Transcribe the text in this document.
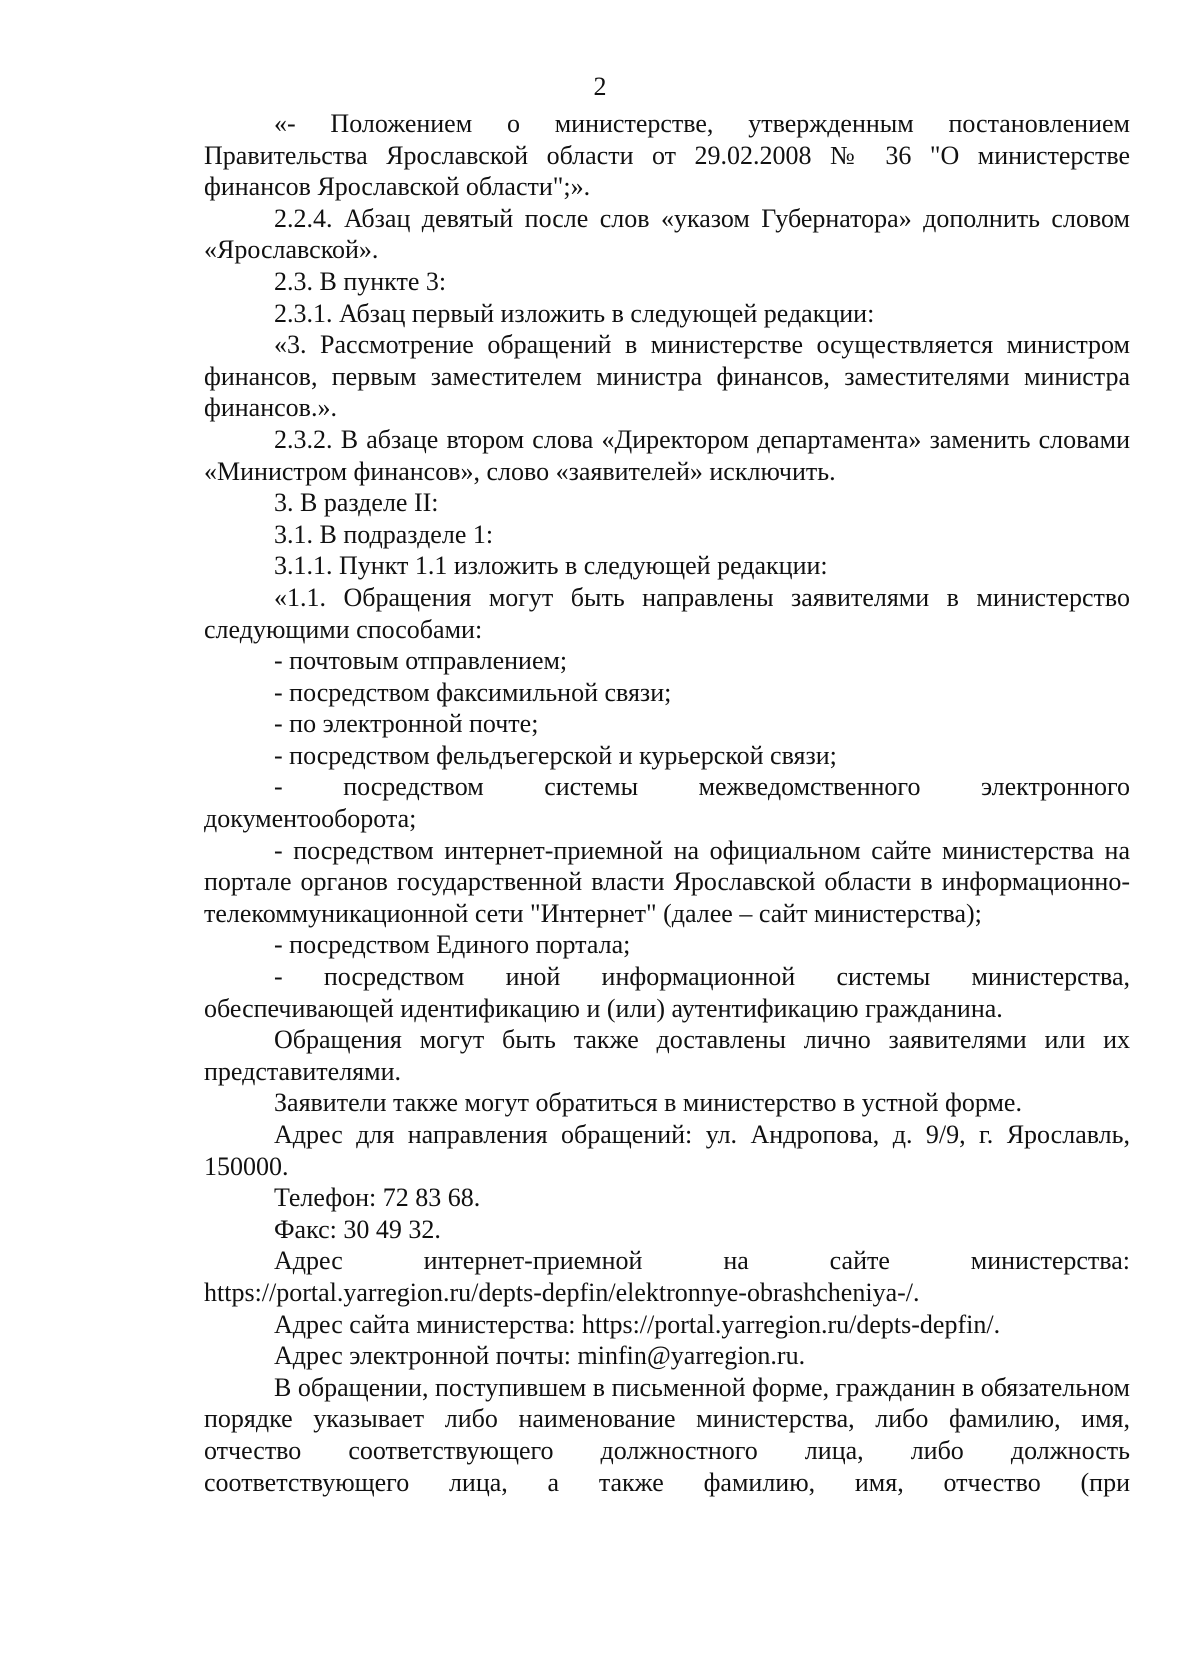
2

«- Положением о министерстве, утвержденным постановлением Правительства Ярославской области от 29.02.2008 № 36 "О министерстве финансов Ярославской области";».

2.2.4. Абзац девятый после слов «указом Губернатора» дополнить словом «Ярославской».

2.3. В пункте 3:

2.3.1. Абзац первый изложить в следующей редакции:

«3. Рассмотрение обращений в министерстве осуществляется министром финансов, первым заместителем министра финансов, заместителями министра финансов.».

2.3.2. В абзаце втором слова «Директором департамента» заменить словами «Министром финансов», слово «заявителей» исключить.

3. В разделе II:

3.1. В подразделе 1:

3.1.1. Пункт 1.1 изложить в следующей редакции:

«1.1. Обращения могут быть направлены заявителями в министерство следующими способами:

- почтовым отправлением;

- посредством факсимильной связи;

- по электронной почте;

- посредством фельдъегерской и курьерской связи;

- посредством системы межведомственного электронного документооборота;

- посредством интернет-приемной на официальном сайте министерства на портале органов государственной власти Ярославской области в информационно-телекоммуникационной сети "Интернет" (далее – сайт министерства);

- посредством Единого портала;

- посредством иной информационной системы министерства, обеспечивающей идентификацию и (или) аутентификацию гражданина.

Обращения могут быть также доставлены лично заявителями или их представителями.

Заявители также могут обратиться в министерство в устной форме.

Адрес для направления обращений: ул. Андропова, д. 9/9, г. Ярославль, 150000.

Телефон: 72 83 68.

Факс: 30 49 32.

Адрес интернет-приемной на сайте министерства: https://portal.yarregion.ru/depts-depfin/elektronnye-obrashcheniya-/.

Адрес сайта министерства: https://portal.yarregion.ru/depts-depfin/.

Адрес электронной почты: minfin@yarregion.ru.

В обращении, поступившем в письменной форме, гражданин в обязательном порядке указывает либо наименование министерства, либо фамилию, имя, отчество соответствующего должностного лица, либо должность соответствующего лица, а также фамилию, имя, отчество (при
